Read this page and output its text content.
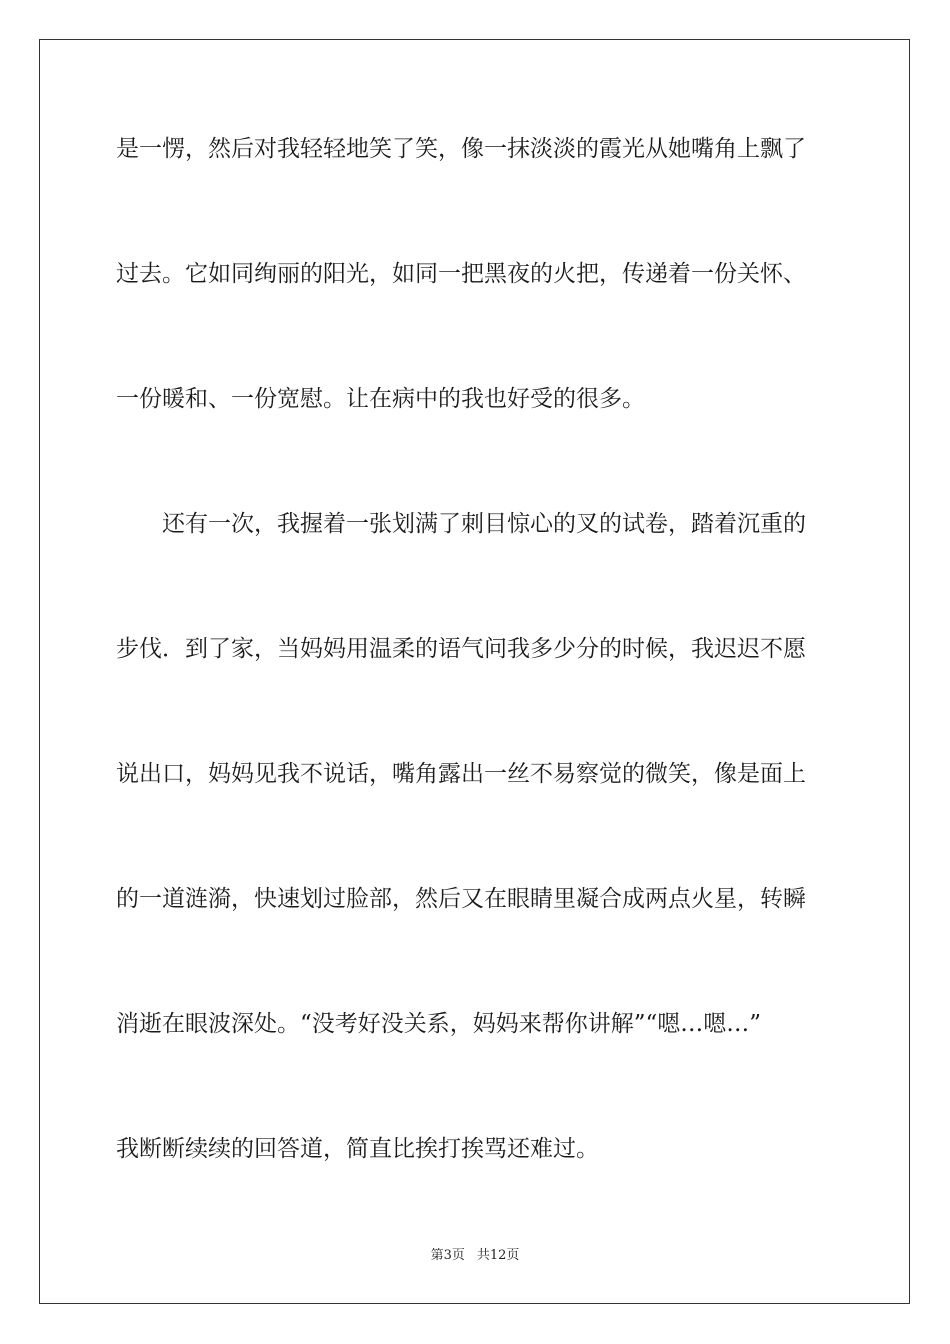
是一愣，然后对我轻轻地笑了笑，像一抹淡淡的霞光从她嘴角上飘了
过去。它如同绚丽的阳光，如同一把黑夜的火把，传递着一份关怀、
一份暖和、一份宽慰。让在病中的我也好受的很多。
　　还有一次，我握着一张划满了刺目惊心的叉的试卷，踏着沉重的
步伐．到了家，当妈妈用温柔的语气问我多少分的时候，我迟迟不愿
说出口，妈妈见我不说话，嘴角露出一丝不易察觉的微笑，像是面上
的一道涟漪，快速划过脸部，然后又在眼睛里凝合成两点火星，转瞬
消逝在眼波深处。“没考好没关系，妈妈来帮你讲解”“嗯…嗯…”
我断断续续的回答道，简直比挨打挨骂还难过。
第3页 共12页
